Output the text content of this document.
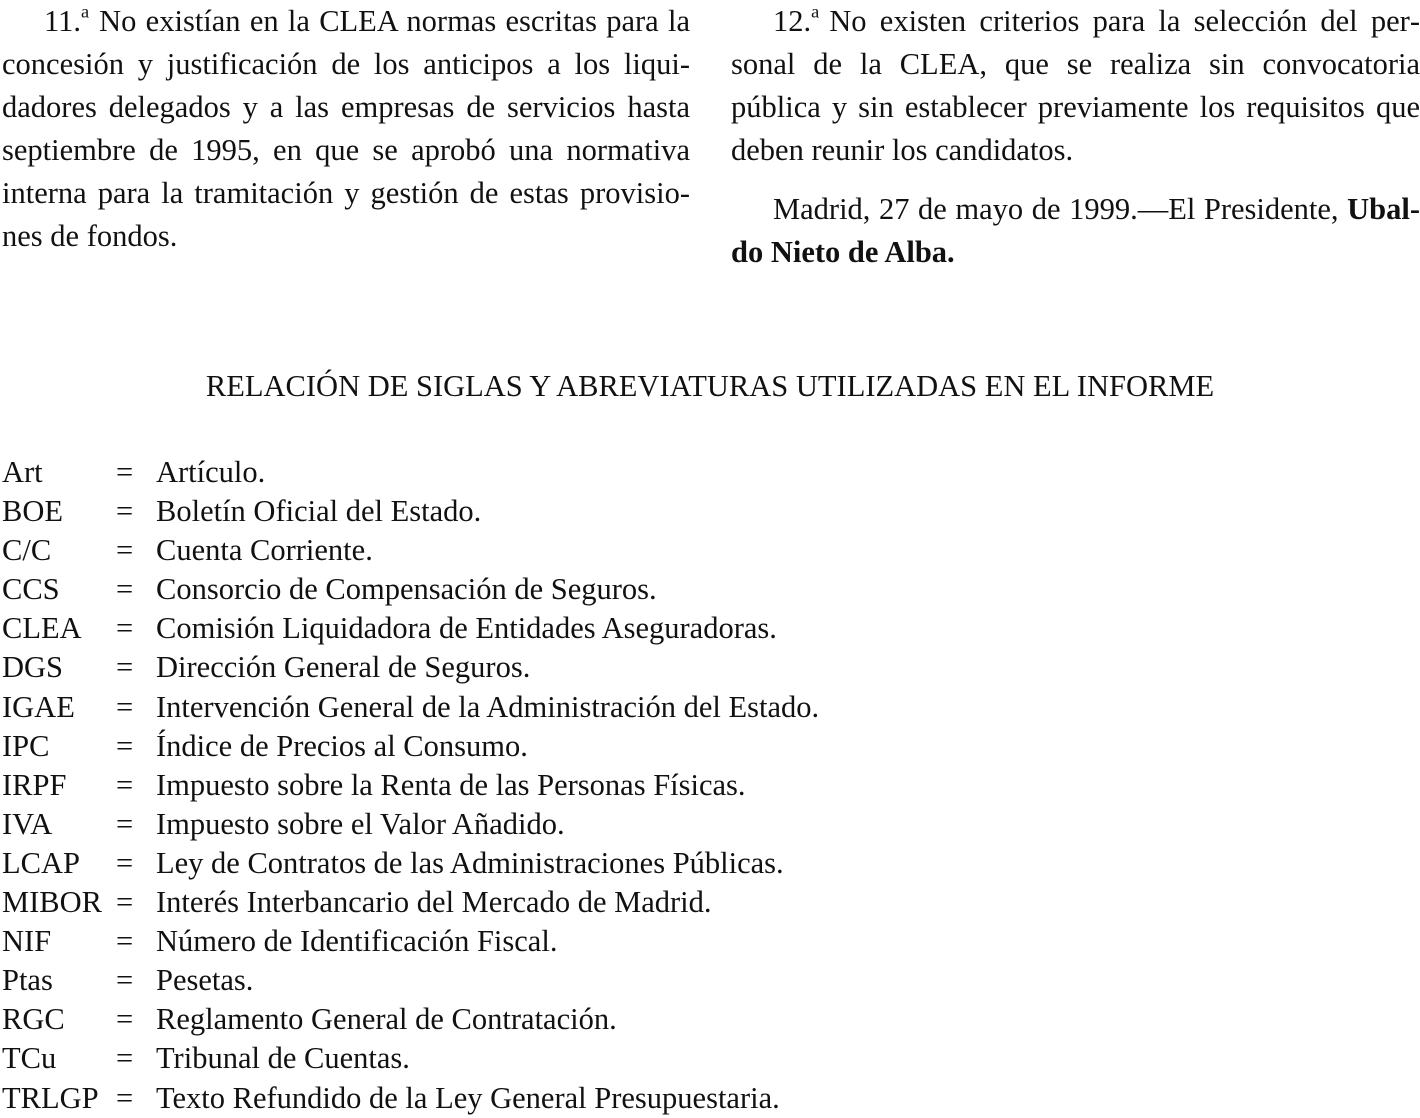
11.$^a$ No existían en la CLEA normas escritas para la concesión y justificación de los anticipos a los liquidadores delegados y a las empresas de servicios hasta septiembre de 1995, en que se aprobó una normativa interna para la tramitación y gestión de estas provisiones de fondos.

12.$^a$ No existen criterios para la selección del personal de la CLEA, que se realiza sin convocatoria pública y sin establecer previamente los requisitos que deben reunir los candidatos.

Madrid, 27 de mayo de 1999.—El Presidente, Ubaldo Nieto de Alba.

RELACIÓN DE SIGLAS Y ABREVIATURAS UTILIZADAS EN EL INFORME
Art	= Artículo.
BOE	= Boletín Oficial del Estado.
C/C	= Cuenta Corriente.
CCS	= Consorcio de Compensación de Seguros.
CLEA	= Comisión Liquidadora de Entidades Aseguradoras.
DGS	= Dirección General de Seguros.
IGAE	= Intervención General de la Administración del Estado.
IPC	= Índice de Precios al Consumo.
IRPF	= Impuesto sobre la Renta de las Personas Físicas.
IVA	= Impuesto sobre el Valor Añadido.
LCAP	= Ley de Contratos de las Administraciones Públicas.
MIBOR = Interés Interbancario del Mercado de Madrid.
NIF	= Número de Identificación Fiscal.
Ptas	= Pesetas.
RGC	= Reglamento General de Contratación.
TCu	= Tribunal de Cuentas.
TRLGP = Texto Refundido de la Ley General Presupuestaria.
